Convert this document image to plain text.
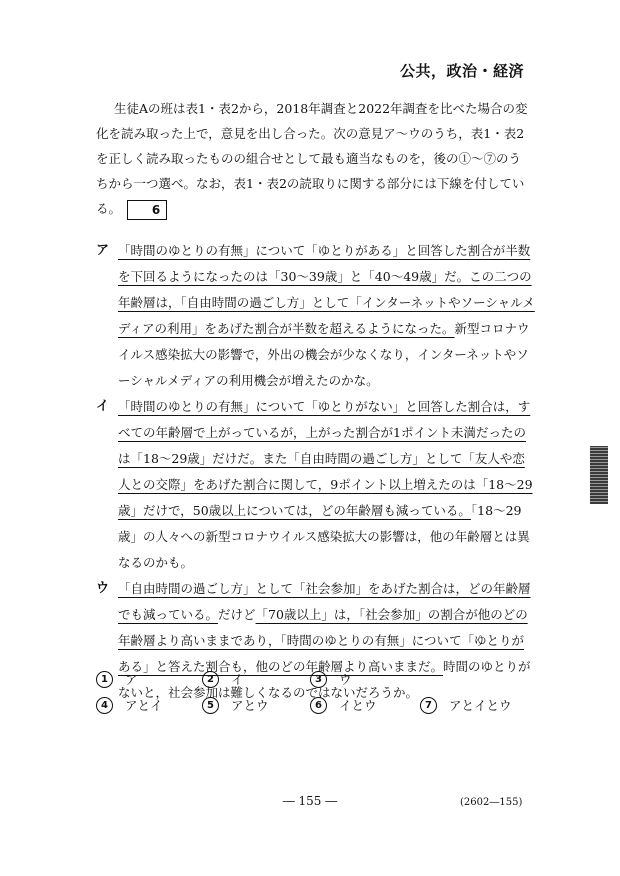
公共，政治・経済

生徒Aの班は表1・表2から，2018年調査と2022年調査を比べた場合の変化を読み取った上で，意見を出し合った。次の意見ア～ウのうち，表1・表2を正しく読み取ったものの組合せとして最も適当なものを，後の①～⑦のうちから一つ選べ。なお，表1・表2の読取りに関する部分には下線を付している。	6

ア 「時間のゆとりの有無」について「ゆとりがある」と回答した割合が半数を下回るようになったのは「30～39歳」と「40～49歳」だ。この二つの年齢層は，「自由時間の過ごし方」として「インターネットやソーシャルメディアの利用」をあげた割合が半数を超えるようになった。新型コロナウイルス感染拡大の影響で，外出の機会が少なくなり，インターネットやソーシャルメディアの利用機会が増えたのかな。
イ 「時間のゆとりの有無」について「ゆとりがない」と回答した割合は，すべての年齢層で上がっているが，上がった割合が1ポイント未満だったのは「18～29歳」だけだ。また「自由時間の過ごし方」として「友人や恋人との交際」をあげた割合に関して，9ポイント以上増えたのは「18～29歳」だけで，50歳以上については，どの年齢層も減っている。「18～29歳」の人々への新型コロナウイルス感染拡大の影響は，他の年齢層とは異なるのかも。
ウ 「自由時間の過ごし方」として「社会参加」をあげた割合は，どの年齢層でも減っている。だけど「70歳以上」は，「社会参加」の割合が他のどの年齢層より高いままであり，「時間のゆとりの有無」について「ゆとりがある」と答えた割合も，他のどの年齢層より高いままだ。時間のゆとりがないと，社会参加は難しくなるのではないだろうか。
1	ア	2	イ	3	ウ
4	アとイ	5	アとウ	6	イとウ	7	アとイとウ
― 155 ―	(2602―155)
